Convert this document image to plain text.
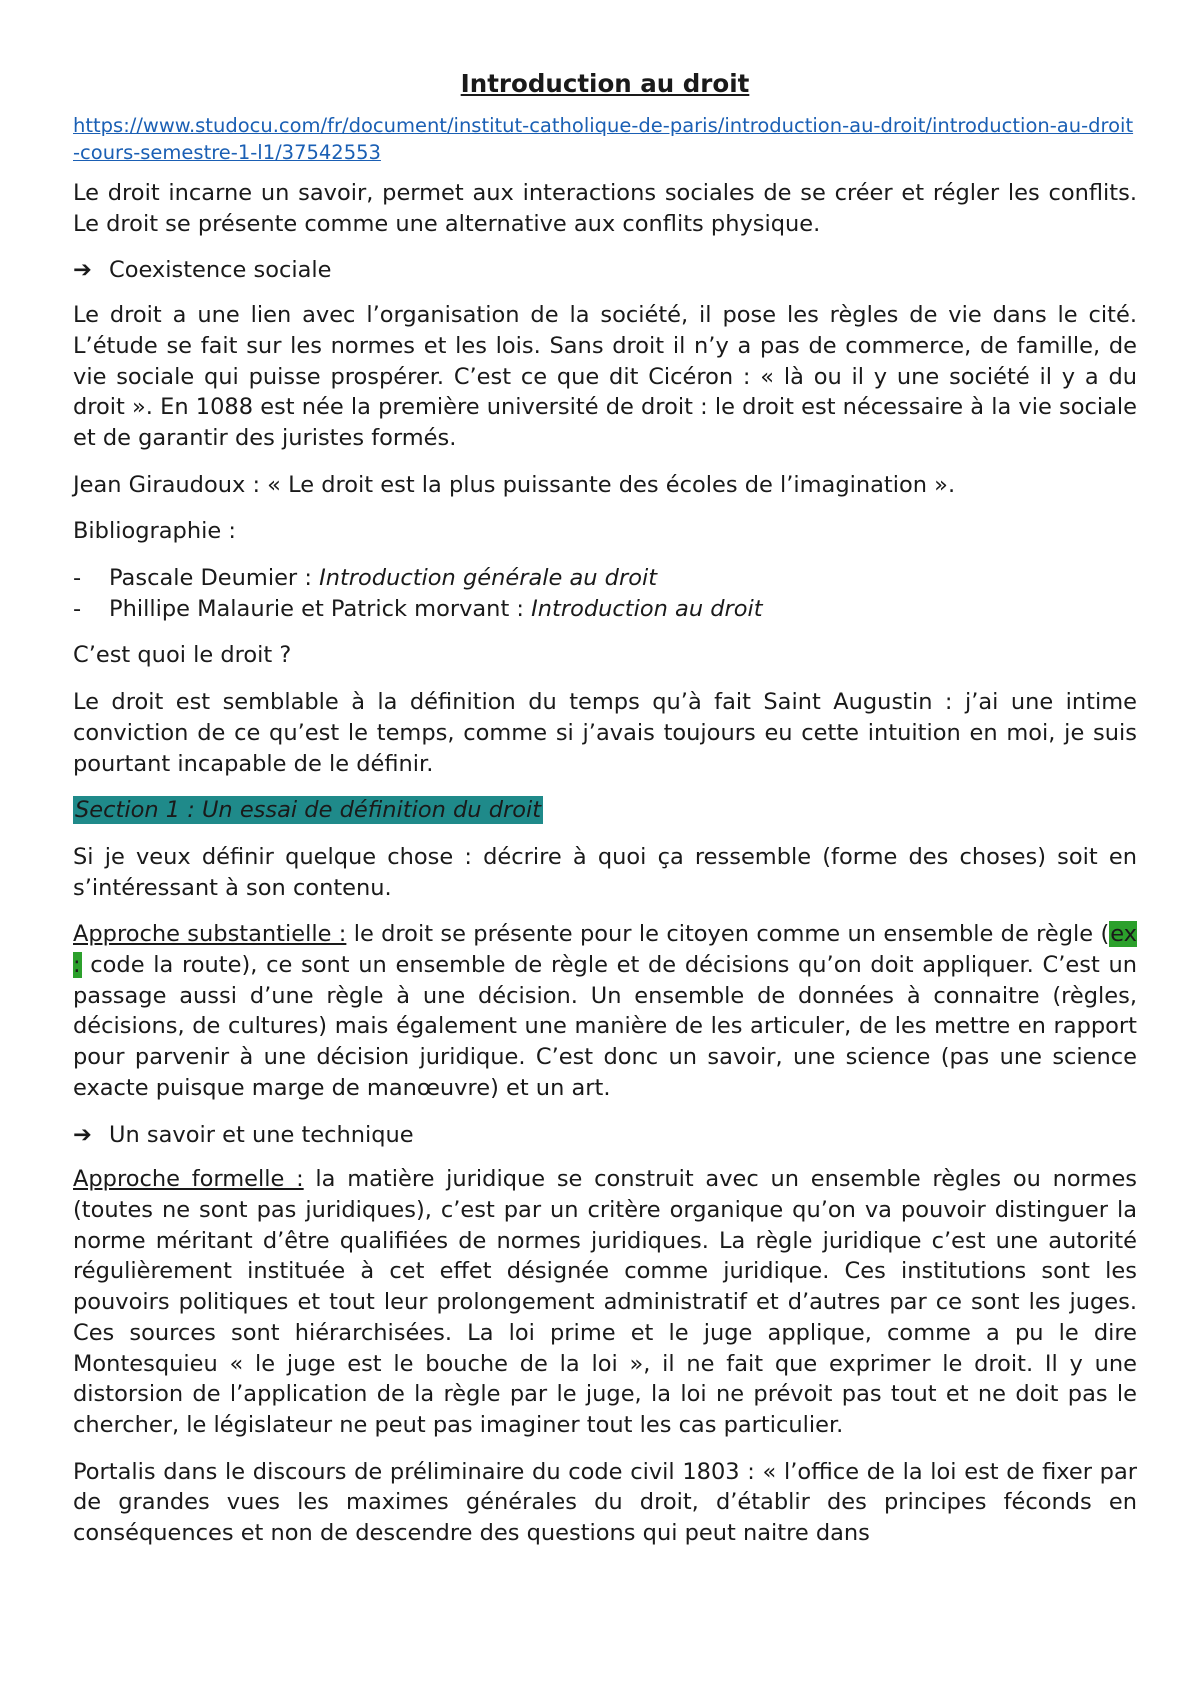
Introduction au droit
https://www.studocu.com/fr/document/institut-catholique-de-paris/introduction-au-droit/introduction-au-droit-cours-semestre-1-l1/37542553

Le droit incarne un savoir, permet aux interactions sociales de se créer et régler les conflits. Le droit se présente comme une alternative aux conflits physique.

➔ Coexistence sociale

Le droit a une lien avec l’organisation de la société, il pose les règles de vie dans le cité. L’étude se fait sur les normes et les lois. Sans droit il n’y a pas de commerce, de famille, de vie sociale qui puisse prospérer. C’est ce que dit Cicéron : « là ou il y une société il y a du droit ». En 1088 est née la première université de droit : le droit est nécessaire à la vie sociale et de garantir des juristes formés.

Jean Giraudoux : « Le droit est la plus puissante des écoles de l’imagination ».

Bibliographie :

- Pascale Deumier : Introduction générale au droit
- Phillipe Malaurie et Patrick morvant : Introduction au droit

C’est quoi le droit ?

Le droit est semblable à la définition du temps qu’à fait Saint Augustin : j’ai une intime conviction de ce qu’est le temps, comme si j’avais toujours eu cette intuition en moi, je suis pourtant incapable de le définir.

Section 1 : Un essai de définition du droit

Si je veux définir quelque chose : décrire à quoi ça ressemble (forme des choses) soit en s’intéressant à son contenu.

Approche substantielle : le droit se présente pour le citoyen comme un ensemble de règle (ex : code la route), ce sont un ensemble de règle et de décisions qu’on doit appliquer. C’est un passage aussi d’une règle à une décision. Un ensemble de données à connaitre (règles, décisions, de cultures) mais également une manière de les articuler, de les mettre en rapport pour parvenir à une décision juridique. C’est donc un savoir, une science (pas une science exacte puisque marge de manœuvre) et un art.

➔ Un savoir et une technique

Approche formelle : la matière juridique se construit avec un ensemble règles ou normes (toutes ne sont pas juridiques), c’est par un critère organique qu’on va pouvoir distinguer la norme méritant d’être qualifiées de normes juridiques. La règle juridique c’est une autorité régulièrement instituée à cet effet désignée comme juridique. Ces institutions sont les pouvoirs politiques et tout leur prolongement administratif et d’autres par ce sont les juges. Ces sources sont hiérarchisées. La loi prime et le juge applique, comme a pu le dire Montesquieu « le juge est le bouche de la loi », il ne fait que exprimer le droit. Il y une distorsion de l’application de la règle par le juge, la loi ne prévoit pas tout et ne doit pas le chercher, le législateur ne peut pas imaginer tout les cas particulier.

Portalis dans le discours de préliminaire du code civil 1803 : « l’office de la loi est de fixer par de grandes vues les maximes générales du droit, d’établir des principes féconds en conséquences et non de descendre des questions qui peut naitre dans
